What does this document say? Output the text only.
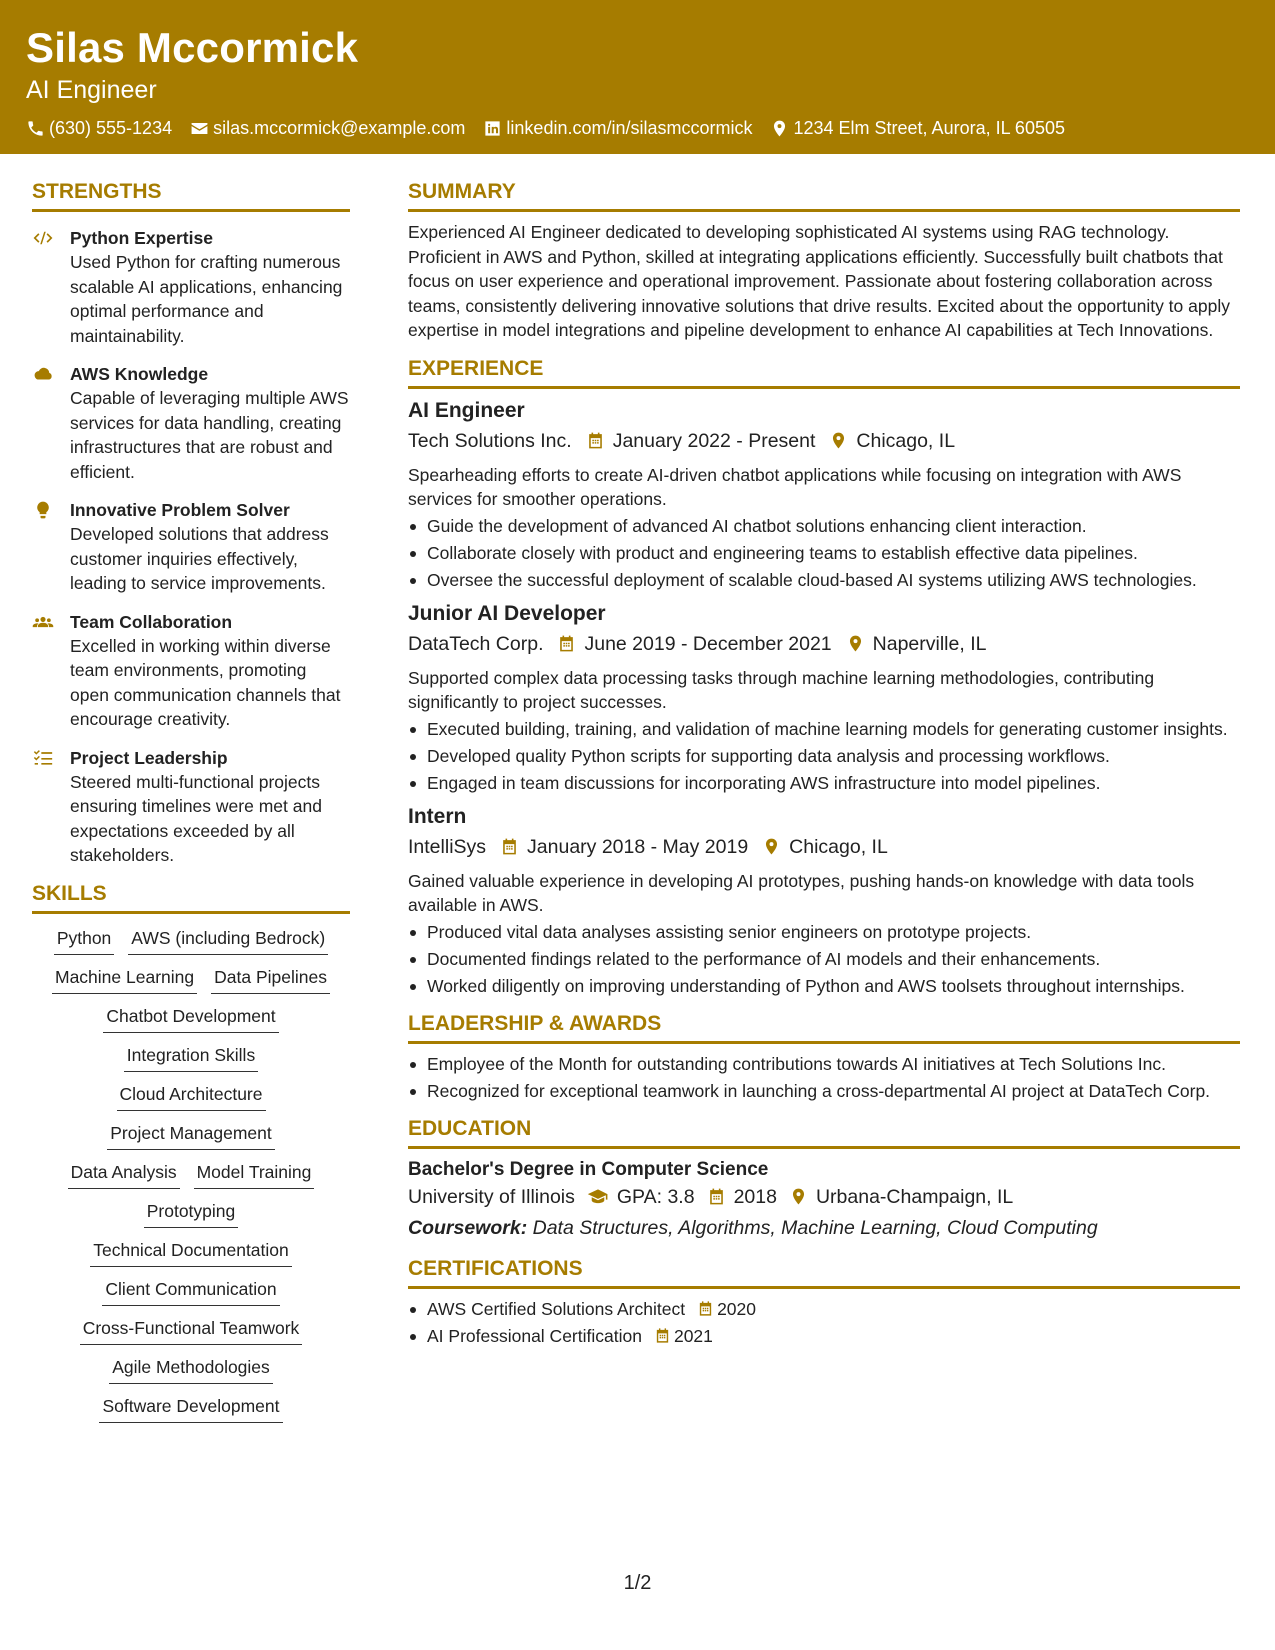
Silas Mccormick
AI Engineer
(630) 555-1234 silas.mccormick@example.com linkedin.com/in/silasmccormick 1234 Elm Street, Aurora, IL 60505
STRENGTHS
Python Expertise
Used Python for crafting numerous scalable AI applications, enhancing optimal performance and maintainability.
AWS Knowledge
Capable of leveraging multiple AWS services for data handling, creating infrastructures that are robust and efficient.
Innovative Problem Solver
Developed solutions that address customer inquiries effectively, leading to service improvements.
Team Collaboration
Excelled in working within diverse team environments, promoting open communication channels that encourage creativity.
Project Leadership
Steered multi-functional projects ensuring timelines were met and expectations exceeded by all stakeholders.
SKILLS
Python AWS (including Bedrock)
Machine Learning Data Pipelines
Chatbot Development
Integration Skills
Cloud Architecture
Project Management
Data Analysis Model Training
Prototyping
Technical Documentation
Client Communication
Cross-Functional Teamwork
Agile Methodologies
Software Development
SUMMARY
Experienced AI Engineer dedicated to developing sophisticated AI systems using RAG technology. Proficient in AWS and Python, skilled at integrating applications efficiently. Successfully built chatbots that focus on user experience and operational improvement. Passionate about fostering collaboration across teams, consistently delivering innovative solutions that drive results. Excited about the opportunity to apply expertise in model integrations and pipeline development to enhance AI capabilities at Tech Innovations.
EXPERIENCE
AI Engineer
Tech Solutions Inc. January 2022 - Present Chicago, IL
Spearheading efforts to create AI-driven chatbot applications while focusing on integration with AWS services for smoother operations.
Guide the development of advanced AI chatbot solutions enhancing client interaction.
Collaborate closely with product and engineering teams to establish effective data pipelines.
Oversee the successful deployment of scalable cloud-based AI systems utilizing AWS technologies.
Junior AI Developer
DataTech Corp. June 2019 - December 2021 Naperville, IL
Supported complex data processing tasks through machine learning methodologies, contributing significantly to project successes.
Executed building, training, and validation of machine learning models for generating customer insights.
Developed quality Python scripts for supporting data analysis and processing workflows.
Engaged in team discussions for incorporating AWS infrastructure into model pipelines.
Intern
IntelliSys January 2018 - May 2019 Chicago, IL
Gained valuable experience in developing AI prototypes, pushing hands-on knowledge with data tools available in AWS.
Produced vital data analyses assisting senior engineers on prototype projects.
Documented findings related to the performance of AI models and their enhancements.
Worked diligently on improving understanding of Python and AWS toolsets throughout internships.
LEADERSHIP & AWARDS
Employee of the Month for outstanding contributions towards AI initiatives at Tech Solutions Inc.
Recognized for exceptional teamwork in launching a cross-departmental AI project at DataTech Corp.
EDUCATION
Bachelor's Degree in Computer Science
University of Illinois GPA: 3.8 2018 Urbana-Champaign, IL
Coursework: Data Structures, Algorithms, Machine Learning, Cloud Computing
CERTIFICATIONS
AWS Certified Solutions Architect 2020
AI Professional Certification 2021
1/2
